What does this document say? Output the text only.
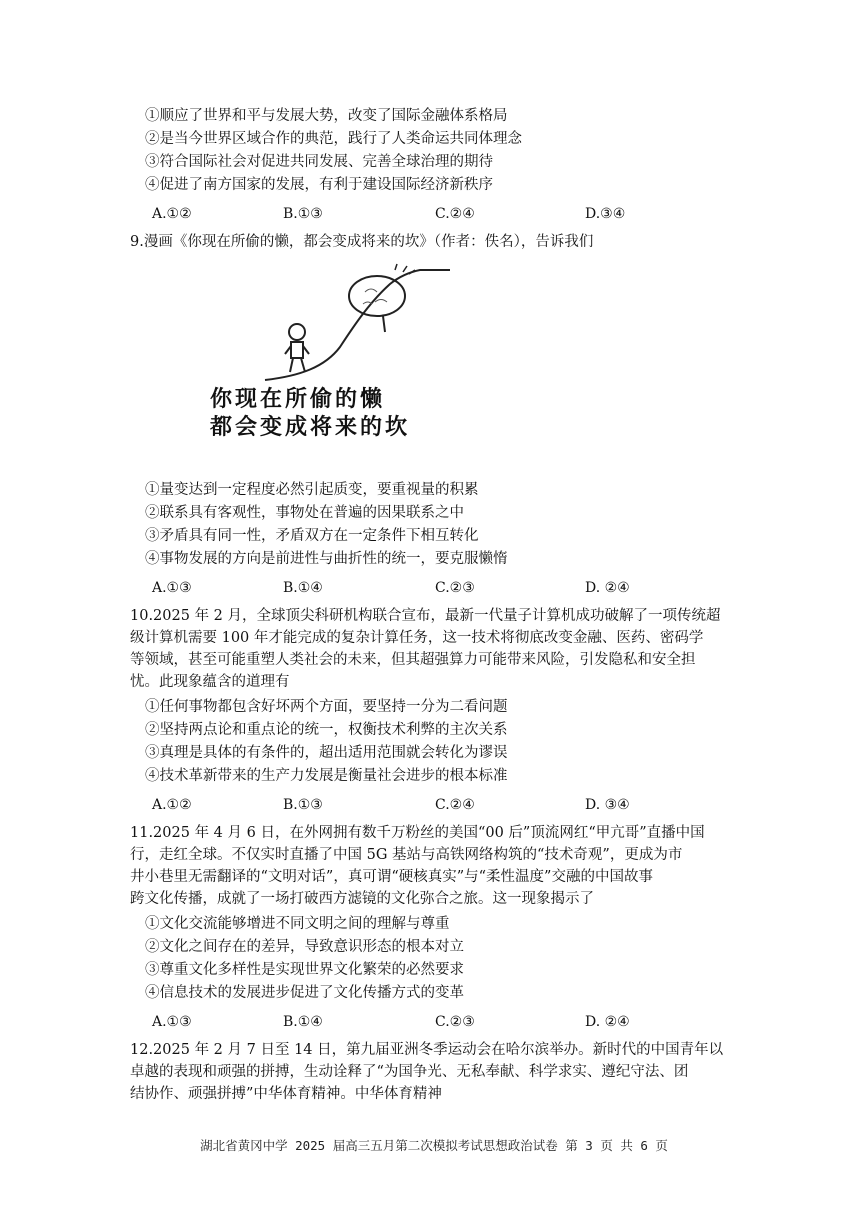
①顺应了世界和平与发展大势，改变了国际金融体系格局
②是当今世界区域合作的典范，践行了人类命运共同体理念
③符合国际社会对促进共同发展、完善全球治理的期待
④促进了南方国家的发展，有利于建设国际经济新秩序
A.①②	B.①③	C.②④	D.③④
9.漫画《你现在所偷的懒，都会变成将来的坎》（作者：佚名），告诉我们
你现在所偷的懒
都会变成将来的坎
①量变达到一定程度必然引起质变，要重视量的积累
②联系具有客观性，事物处在普遍的因果联系之中
③矛盾具有同一性，矛盾双方在一定条件下相互转化
④事物发展的方向是前进性与曲折性的统一，要克服懒惰
A.①③	B.①④	C.②③	D. ②④

10.2025 年 2 月，全球顶尖科研机构联合宣布，最新一代量子计算机成功破解了一项传统超

级计算机需要 100 年才能完成的复杂计算任务，这一技术将彻底改变金融、医药、密码学

等领域，甚至可能重塑人类社会的未来，但其超强算力可能带来风险，引发隐私和安全担

忧。此现象蕴含的道理有

①任何事物都包含好坏两个方面，要坚持一分为二看问题
②坚持两点论和重点论的统一，权衡技术利弊的主次关系
③真理是具体的有条件的，超出适用范围就会转化为谬误
④技术革新带来的生产力发展是衡量社会进步的根本标准
A.①②	B.①③	C.②④	D. ③④

11.2025 年 4 月 6 日，在外网拥有数千万粉丝的美国“00 后”顶流网红“甲亢哥”直播中国

行，走红全球。不仅实时直播了中国 5G 基站与高铁网络构筑的“技术奇观”，更成为市

井小巷里无需翻译的“文明对话”，真可谓“硬核真实”与“柔性温度”交融的中国故事

跨文化传播，成就了一场打破西方滤镜的文化弥合之旅。这一现象揭示了

①文化交流能够增进不同文明之间的理解与尊重
②文化之间存在的差异，导致意识形态的根本对立
③尊重文化多样性是实现世界文化繁荣的必然要求
④信息技术的发展进步促进了文化传播方式的变革
A.①③	B.①④	C.②③	D. ②④

12.2025 年 2 月 7 日至 14 日，第九届亚洲冬季运动会在哈尔滨举办。新时代的中国青年以

卓越的表现和顽强的拼搏，生动诠释了“为国争光、无私奉献、科学求实、遵纪守法、团

结协作、顽强拼搏”中华体育精神。中华体育精神

湖北省黄冈中学 2025 届高三五月第二次模拟考试思想政治试卷 第 3 页 共 6 页
